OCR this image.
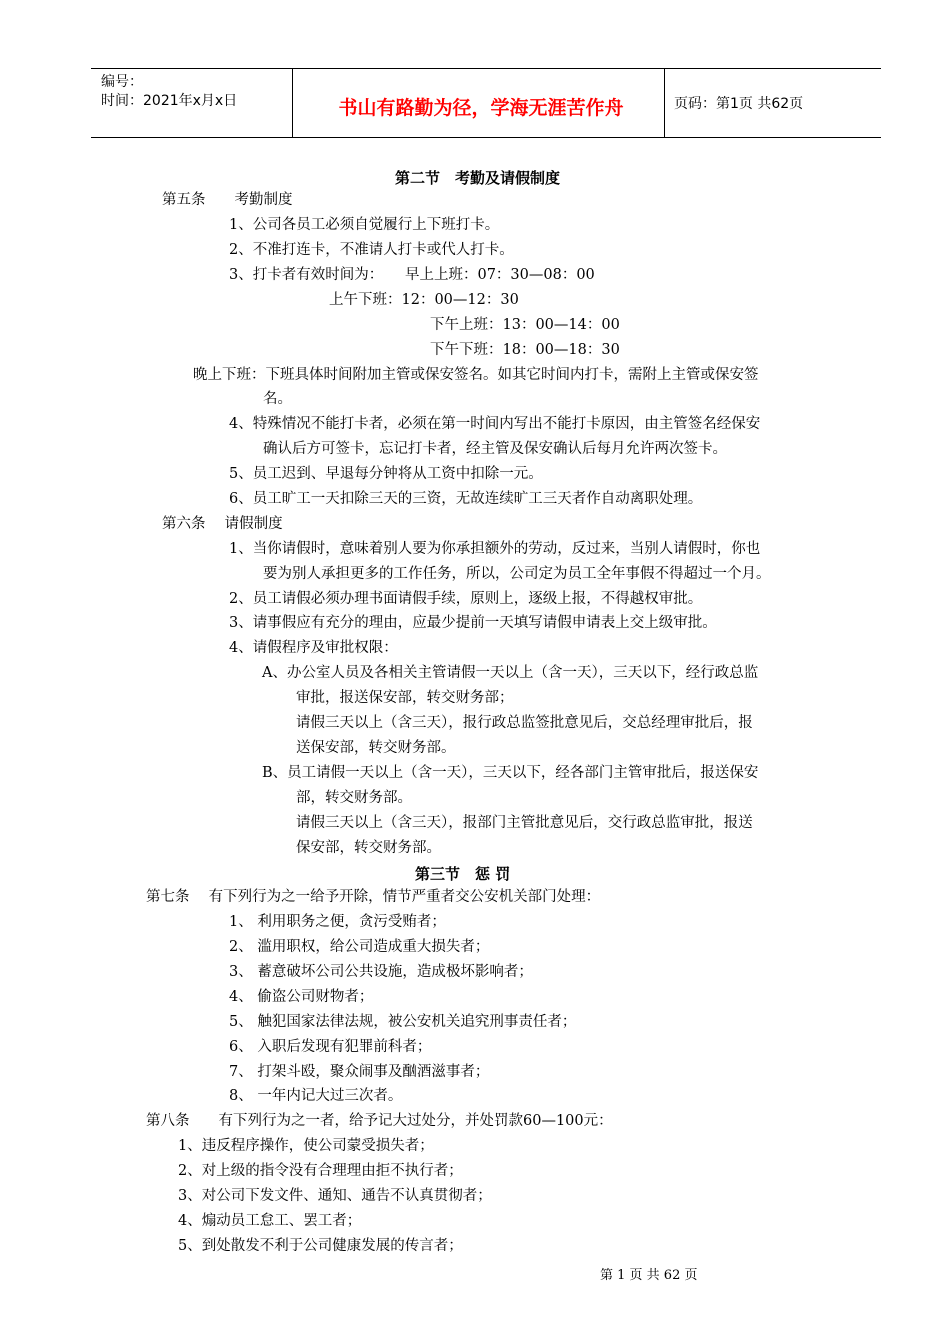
编号：
时间：2021年x月x日	书山有路勤为径，学海无涯苦作舟	页码：第1页 共62页
第二节　考勤及请假制度
第五条　　考勤制度
1、公司各员工必须自觉履行上下班打卡。
2、不准打连卡，不准请人打卡或代人打卡。
3、打卡者有效时间为：　　早上上班：07：30—08：00
上午下班：12：00—12：30
下午上班：13：00—14：00
下午下班：18：00—18：30
晚上下班：下班具体时间附加主管或保安签名。如其它时间内打卡，需附上主管或保安签
名。
4、特殊情况不能打卡者，必须在第一时间内写出不能打卡原因，由主管签名经保安
确认后方可签卡，忘记打卡者，经主管及保安确认后每月允许两次签卡。
5、员工迟到、早退每分钟将从工资中扣除一元。
6、员工旷工一天扣除三天的三资，无故连续旷工三天者作自动离职处理。
第六条　 请假制度
1、当你请假时，意味着别人要为你承担额外的劳动，反过来，当别人请假时，你也
要为别人承担更多的工作任务，所以，公司定为员工全年事假不得超过一个月。
2、员工请假必须办理书面请假手续，原则上，逐级上报，不得越权审批。
3、请事假应有充分的理由，应最少提前一天填写请假申请表上交上级审批。
4、请假程序及审批权限：
A、办公室人员及各相关主管请假一天以上（含一天），三天以下，经行政总监
审批，报送保安部，转交财务部；
请假三天以上（含三天），报行政总监签批意见后，交总经理审批后，报
送保安部，转交财务部。
B、员工请假一天以上（含一天），三天以下，经各部门主管审批后，报送保安
部，转交财务部。
请假三天以上（含三天），报部门主管批意见后，交行政总监审批，报送
保安部，转交财务部。
第三节　惩 罚
第七条　 有下列行为之一给予开除，情节严重者交公安机关部门处理：
1、 利用职务之便，贪污受贿者；
2、 滥用职权，给公司造成重大损失者；
3、 蓄意破坏公司公共设施，造成极坏影响者；
4、 偷盗公司财物者；
5、 触犯国家法律法规，被公安机关追究刑事责任者；
6、 入职后发现有犯罪前科者；
7、 打架斗殴，聚众闹事及酗酒滋事者；
8、 一年内记大过三次者。
第八条　　有下列行为之一者，给予记大过处分，并处罚款60—100元：
1、违反程序操作，使公司蒙受损失者；
2、对上级的指令没有合理理由拒不执行者；
3、对公司下发文件、通知、通告不认真贯彻者；
4、煽动员工怠工、罢工者；
5、到处散发不利于公司健康发展的传言者；
第 1 页 共 62 页
